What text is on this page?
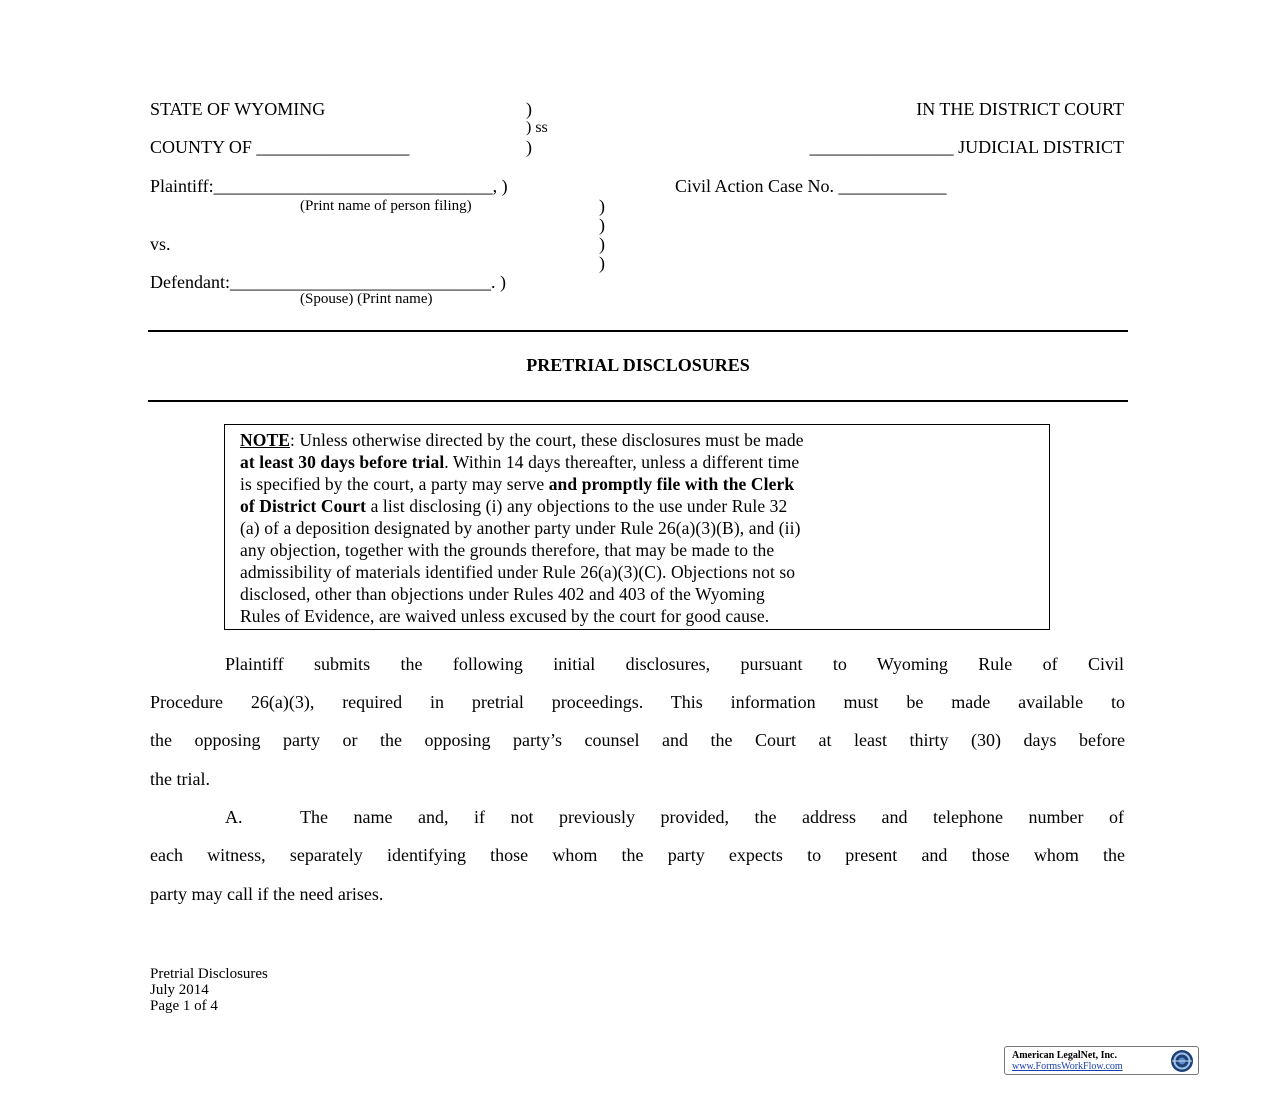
STATE OF WYOMING	)
) ss
COUNTY OF _________________	)
IN THE DISTRICT COURT
________________ JUDICIAL DISTRICT
Plaintiff:_______________________________, )
(Print name of person filing)
Civil Action Case No. ____________
)
)
vs.	)
)
Defendant:_____________________________. )
(Spouse) (Print name)
PRETRIAL DISCLOSURES
NOTE: Unless otherwise directed by the court, these disclosures must be made
at least 30 days before trial. Within 14 days thereafter, unless a different time
is specified by the court, a party may serve and promptly file with the Clerk
of District Court a list disclosing (i) any objections to the use under Rule 32
(a) of a deposition designated by another party under Rule 26(a)(3)(B), and (ii)
any objection, together with the grounds therefore, that may be made to the
admissibility of materials identified under Rule 26(a)(3)(C). Objections not so
disclosed, other than objections under Rules 402 and 403 of the Wyoming
Rules of Evidence, are waived unless excused by the court for good cause.
Plaintiff submits the following initial disclosures, pursuant to Wyoming Rule of Civil
Procedure 26(a)(3), required in pretrial proceedings. This information must be made available to
the opposing party or the opposing party’s counsel and the Court at least thirty (30) days before
the trial.
A.	The name and, if not previously provided, the address and telephone number of
each witness, separately identifying those whom the party expects to present and those whom the
party may call if the need arises.
Pretrial Disclosures
July 2014
Page 1 of 4
American LegalNet, Inc.
www.FormsWorkFlow.com
